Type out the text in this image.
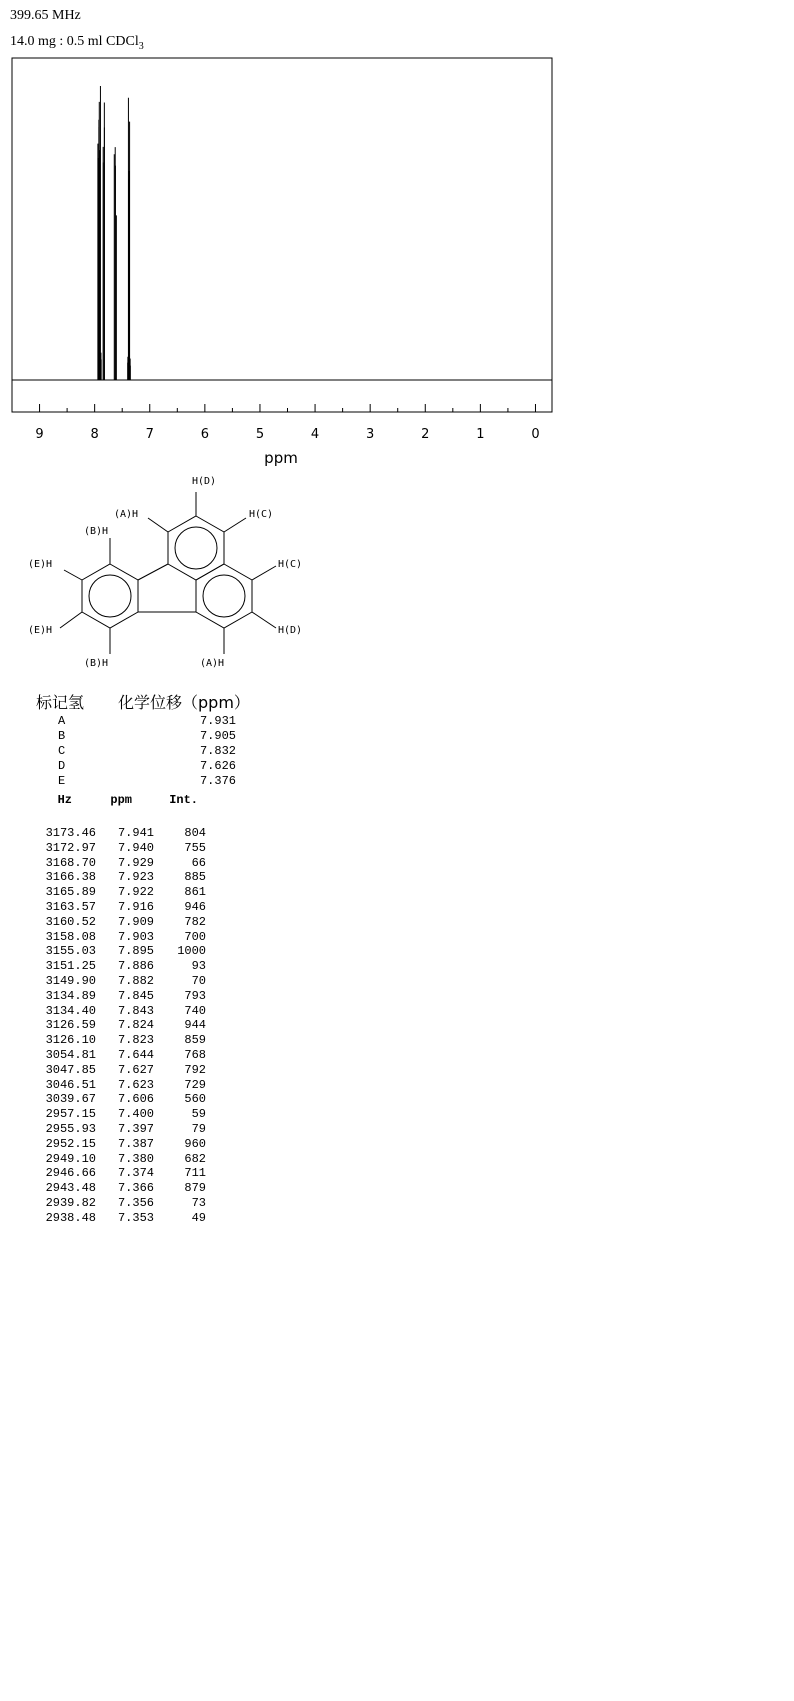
399.65 MHz
14.0 mg : 0.5 ml CDCl$_3$
9	8	7	6	5	4	3	2	1	0
ppm
H(D)
(A)H	H(C)
(B)H
(E)H	H(C)
(E)H	H(D)
(B)H	(A)H
标记氢	化学位移（ppm）
A	7.931
B	7.905
C	7.832
D	7.626
E	7.376
Hz	ppm	Int.
3173.46	7.941	804
3172.97	7.940	755
3168.70	7.929	66
3166.38	7.923	885
3165.89	7.922	861
3163.57	7.916	946
3160.52	7.909	782
3158.08	7.903	700
3155.03	7.895	1000
3151.25	7.886	93
3149.90	7.882	70
3134.89	7.845	793
3134.40	7.843	740
3126.59	7.824	944
3126.10	7.823	859
3054.81	7.644	768
3047.85	7.627	792
3046.51	7.623	729
3039.67	7.606	560
2957.15	7.400	59
2955.93	7.397	79
2952.15	7.387	960
2949.10	7.380	682
2946.66	7.374	711
2943.48	7.366	879
2939.82	7.356	73
2938.48	7.353	49
